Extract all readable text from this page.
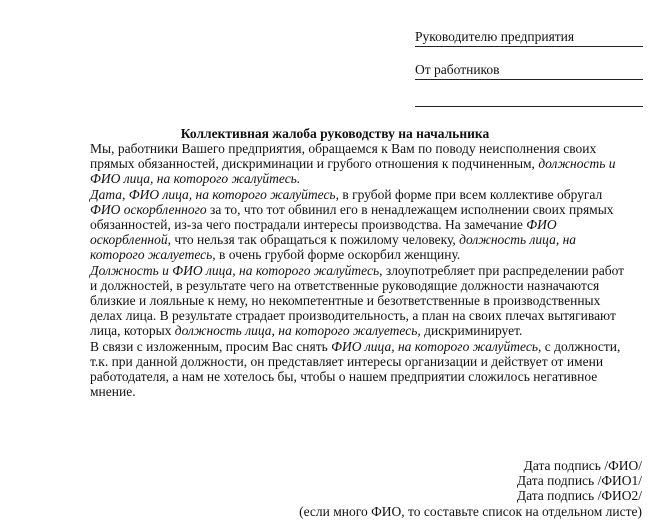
Руководителю предприятия
От работников
Коллективная жалоба руководству на начальника

Мы, работники Вашего предприятия, обращаемся к Вам по поводу неисполнения своих
прямых обязанностей, дискриминации и грубого отношения к подчиненным, должность и
ФИО лица, на которого жалуйтесь.

Дата, ФИО лица, на которого жалуйтесь, в грубой форме при всем коллективе обругал
ФИО оскорбленного за то, что тот обвинил его в ненадлежащем исполнении своих прямых
обязанностей, из-за чего пострадали интересы производства. На замечание ФИО
оскорбленной, что нельзя так обращаться к пожилому человеку, должность лица, на
которого жалуетесь, в очень грубой форме оскорбил женщину.

Должность и ФИО лица, на которого жалуйтесь, злоупотребляет при распределении работ
и должностей, в результате чего на ответственные руководящие должности назначаются
близкие и лояльные к нему, но некомпетентные и безответственные в производственных
делах лица. В результате страдает производительность, а план на своих плечах вытягивают
лица, которых должность лица, на которого жалуетесь, дискриминирует.

В связи с изложенным, просим Вас снять ФИО лица, на которого жалуйтесь, с должности,
т.к. при данной должности, он представляет интересы организации и действует от имени
работодателя, а нам не хотелось бы, чтобы о нашем предприятии сложилось негативное
мнение.

Дата подпись /ФИО/
Дата подпись /ФИО1/
Дата подпись /ФИО2/
(если много ФИО, то составьте список на отдельном листе)
